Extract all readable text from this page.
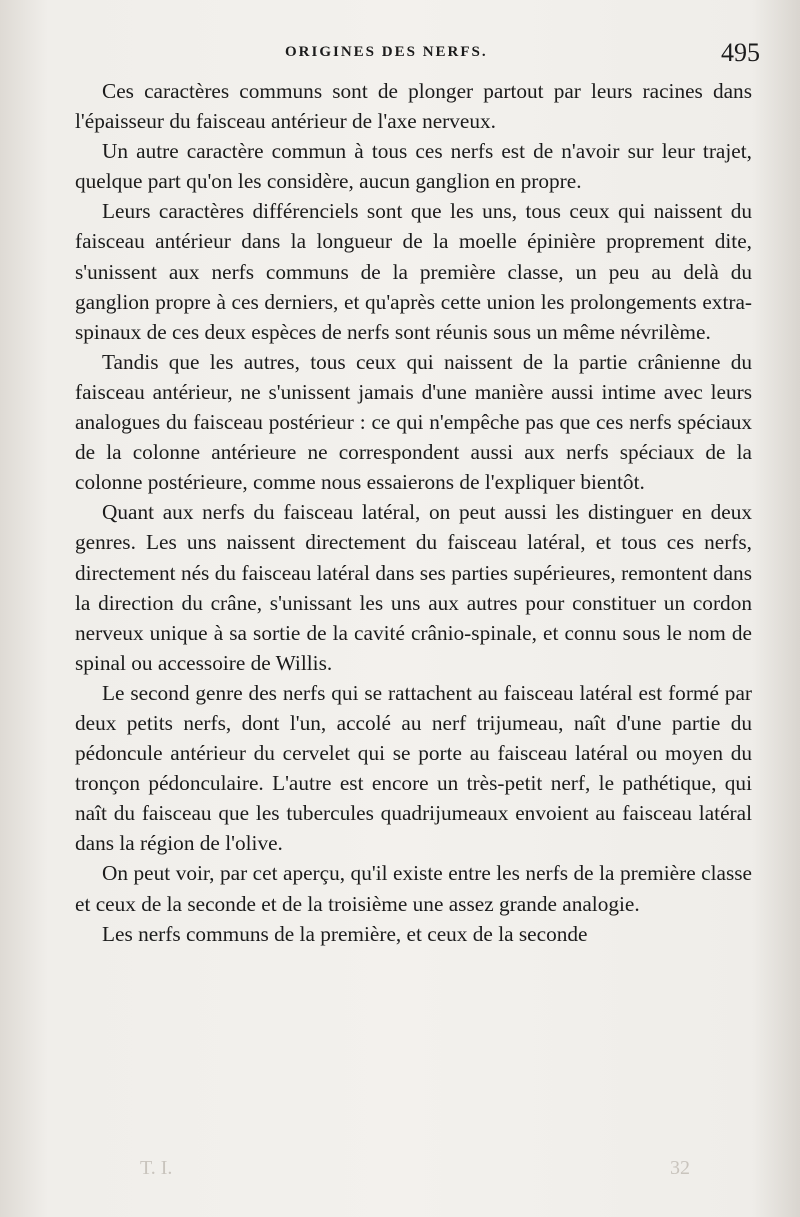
ORIGINES DES NERFS.	495

Ces caractères communs sont de plonger partout par leurs racines dans l'épaisseur du faisceau antérieur de l'axe nerveux.

Un autre caractère commun à tous ces nerfs est de n'avoir sur leur trajet, quelque part qu'on les considère, aucun ganglion en propre.

Leurs caractères différenciels sont que les uns, tous ceux qui naissent du faisceau antérieur dans la longueur de la moelle épinière proprement dite, s'unissent aux nerfs communs de la première classe, un peu au delà du ganglion propre à ces derniers, et qu'après cette union les prolongements extra-spinaux de ces deux espèces de nerfs sont réunis sous un même névrilème.

Tandis que les autres, tous ceux qui naissent de la partie crânienne du faisceau antérieur, ne s'unissent jamais d'une manière aussi intime avec leurs analogues du faisceau postérieur : ce qui n'empêche pas que ces nerfs spéciaux de la colonne antérieure ne correspondent aussi aux nerfs spéciaux de la colonne postérieure, comme nous essaierons de l'expliquer bientôt.

Quant aux nerfs du faisceau latéral, on peut aussi les distinguer en deux genres. Les uns naissent directement du faisceau latéral, et tous ces nerfs, directement nés du faisceau latéral dans ses parties supérieures, remontent dans la direction du crâne, s'unissant les uns aux autres pour constituer un cordon nerveux unique à sa sortie de la cavité crânio-spinale, et connu sous le nom de spinal ou accessoire de Willis.

Le second genre des nerfs qui se rattachent au faisceau latéral est formé par deux petits nerfs, dont l'un, accolé au nerf trijumeau, naît d'une partie du pédoncule antérieur du cervelet qui se porte au faisceau latéral ou moyen du tronçon pédonculaire. L'autre est encore un très-petit nerf, le pathétique, qui naît du faisceau que les tubercules quadrijumeaux envoient au faisceau latéral dans la région de l'olive.

On peut voir, par cet aperçu, qu'il existe entre les nerfs de la première classe et ceux de la seconde et de la troisième une assez grande analogie.

Les nerfs communs de la première, et ceux de la seconde

T. I.	32
